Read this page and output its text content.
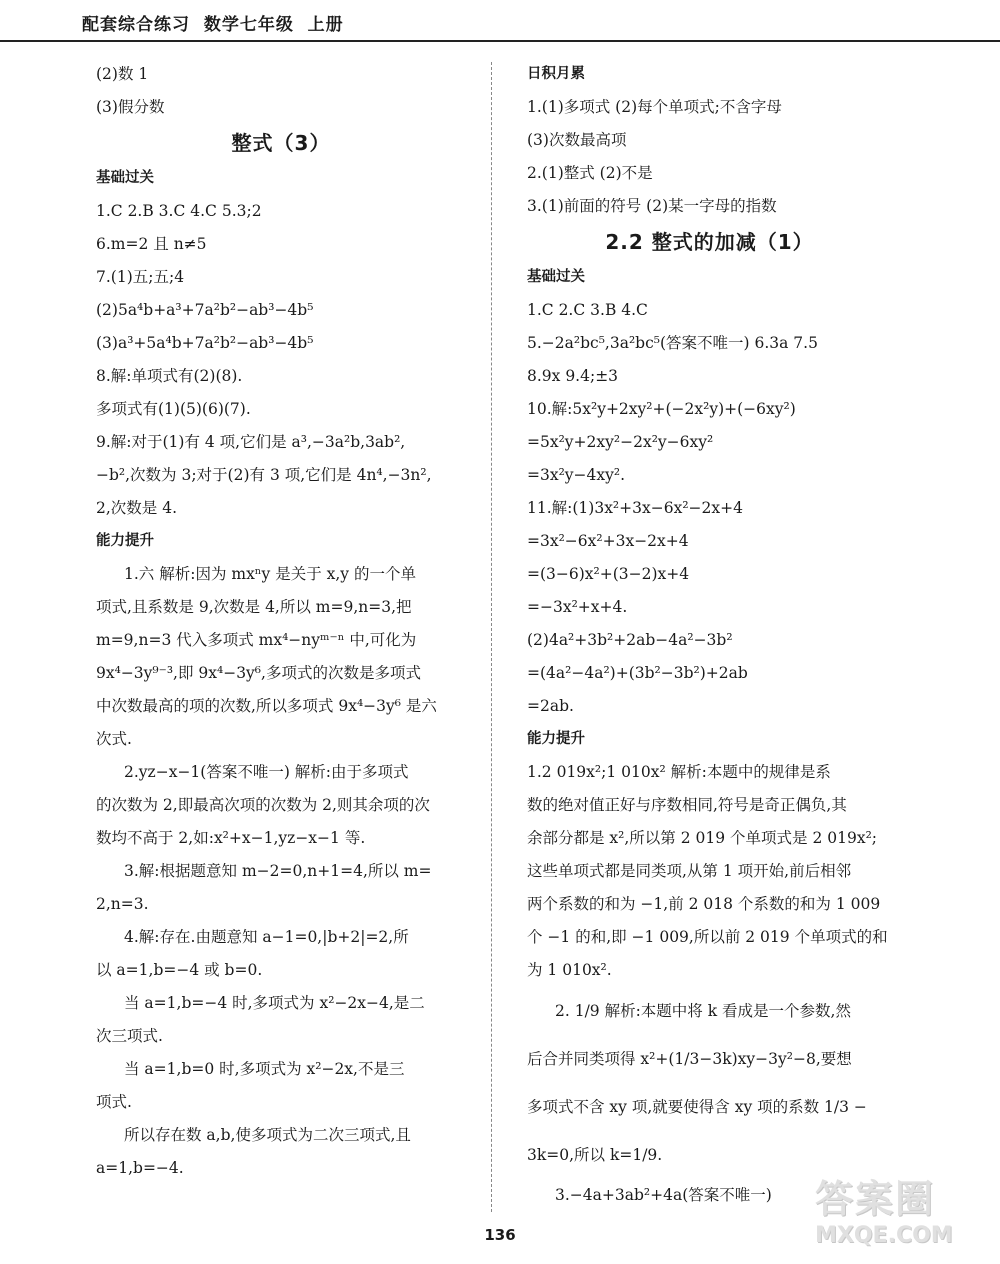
配套综合练习  数学七年级  上册
(2)数 1
(3)假分数
整式（3）
基础过关
1.C 2.B 3.C 4.C 5.3;2
6.m=2 且 n≠5
7.(1)五;五;4
(2)5a⁴b+a³+7a²b²−ab³−4b⁵
(3)a³+5a⁴b+7a²b²−ab³−4b⁵
8.解:单项式有(2)(8).
多项式有(1)(5)(6)(7).
9.解:对于(1)有 4 项,它们是 a³,−3a²b,3ab²,
−b²,次数为 3;对于(2)有 3 项,它们是 4n⁴,−3n²,
2,次数是 4.
能力提升
1.六 解析:因为 mxⁿy 是关于 x,y 的一个单
项式,且系数是 9,次数是 4,所以 m=9,n=3,把
m=9,n=3 代入多项式 mx⁴−nyᵐ⁻ⁿ 中,可化为
9x⁴−3y⁹⁻³,即 9x⁴−3y⁶,多项式的次数是多项式
中次数最高的项的次数,所以多项式 9x⁴−3y⁶ 是六
次式.
2.yz−x−1(答案不唯一) 解析:由于多项式
的次数为 2,即最高次项的次数为 2,则其余项的次
数均不高于 2,如:x²+x−1,yz−x−1 等.
3.解:根据题意知 m−2=0,n+1=4,所以 m=
2,n=3.
4.解:存在.由题意知 a−1=0,|b+2|=2,所
以 a=1,b=−4 或 b=0.
当 a=1,b=−4 时,多项式为 x²−2x−4,是二
次三项式.
当 a=1,b=0 时,多项式为 x²−2x,不是三
项式.
所以存在数 a,b,使多项式为二次三项式,且
a=1,b=−4.
日积月累
1.(1)多项式 (2)每个单项式;不含字母
(3)次数最高项
2.(1)整式 (2)不是
3.(1)前面的符号 (2)某一字母的指数
2.2 整式的加减（1）
基础过关
1.C 2.C 3.B 4.C
5.−2a²bc⁵,3a²bc⁵(答案不唯一) 6.3a 7.5
8.9x 9.4;±3
10.解:5x²y+2xy²+(−2x²y)+(−6xy²)
=5x²y+2xy²−2x²y−6xy²
=3x²y−4xy².
11.解:(1)3x²+3x−6x²−2x+4
=3x²−6x²+3x−2x+4
=(3−6)x²+(3−2)x+4
=−3x²+x+4.
(2)4a²+3b²+2ab−4a²−3b²
=(4a²−4a²)+(3b²−3b²)+2ab
=2ab.
能力提升
1.2 019x²;1 010x² 解析:本题中的规律是系
数的绝对值正好与序数相同,符号是奇正偶负,其
余部分都是 x²,所以第 2 019 个单项式是 2 019x²;
这些单项式都是同类项,从第 1 项开始,前后相邻
两个系数的和为 −1,前 2 018 个系数的和为 1 009
个 −1 的和,即 −1 009,所以前 2 019 个单项式的和
为 1 010x².
2. 1/9 解析:本题中将 k 看成是一个参数,然
后合并同类项得 x²+(1/3−3k)xy−3y²−8,要想
多项式不含 xy 项,就要使得含 xy 项的系数 1/3 −
3k=0,所以 k=1/9.
3.−4a+3ab²+4a(答案不唯一)
136
答案圈
MXQE.COM
